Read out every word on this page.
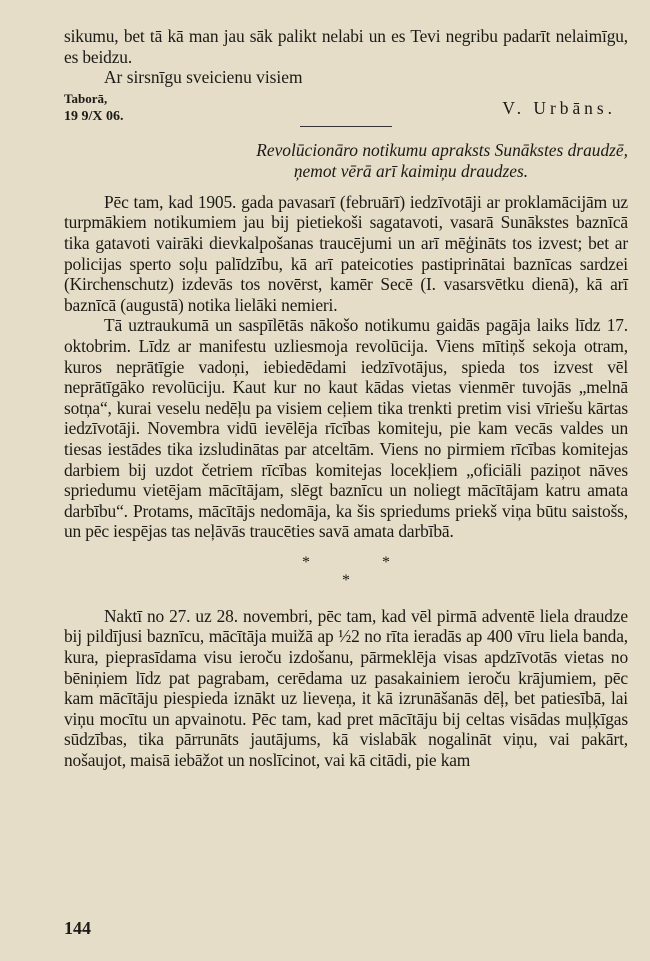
sikumu, bet tā kā man jau sāk palikt nelabi un es Tevi negribu padarīt nelaimīgu, es beidzu.

Ar sirsnīgu sveicienu visiem

Taborā,
19 9/X 06.	V. Urbāns.
Revolūcionāro notikumu apraksts Sunākstes draudzē,
ņemot vērā arī kaimiņu draudzes.

Pēc tam, kad 1905. gada pavasarī (februārī) iedzīvotāji ar proklamācijām uz turpmākiem notikumiem jau bij pietiekoši sagatavoti, vasarā Sunākstes baznīcā tika gatavoti vairāki dievkalpošanas traucējumi un arī mēģināts tos izvest; bet ar policijas sperto soļu palīdzību, kā arī pateicoties pastiprinātai baznīcas sardzei (Kirchenschutz) izdevās tos novērst, kamēr Secē (I. vasarsvētku dienā), kā arī baznīcā (augustā) notika lielāki nemieri.

Tā uztraukumā un saspīlētās nākošo notikumu gaidās pagāja laiks līdz 17. oktobrim. Līdz ar manifestu uzliesmoja revolūcija. Viens mītiņš sekoja otram, kuros neprātīgie vadoņi, iebiedēdami iedzīvotājus, spieda tos izvest vēl neprātīgāko revolūciju. Kaut kur no kaut kādas vietas vienmēr tuvojās „melnā sotņa“, kurai veselu nedēļu pa visiem ceļiem tika trenkti pretim visi vīriešu kārtas iedzīvotāji. Novembra vidū ievēlēja rīcības komiteju, pie kam vecās valdes un tiesas iestādes tika izsludinātas par atceltām. Viens no pirmiem rīcības komitejas darbiem bij uzdot četriem rīcības komitejas locekļiem „oficiāli paziņot nāves spriedumu vietējam mācītājam, slēgt baznīcu un noliegt mācītājam katru amata darbību“. Protams, mācītājs nedomāja, ka šis spriedums priekš viņa būtu saistošs, un pēc iespējas tas neļāvās traucēties savā amata darbībā.

*	*
*

Naktī no 27. uz 28. novembri, pēc tam, kad vēl pirmā adventē liela draudze bij pildījusi baznīcu, mācītāja muižā ap ½2 no rīta ieradās ap 400 vīru liela banda, kura, pieprasīdama visu ieroču izdošanu, pārmeklēja visas apdzīvotās vietas no bēniņiem līdz pat pagrabam, cerēdama uz pasakainiem ieroču krājumiem, pēc kam mācītāju piespieda iznākt uz lieveņa, it kā izrunāšanās dēļ, bet patiesībā, lai viņu mocītu un apvainotu. Pēc tam, kad pret mācītāju bij celtas visādas muļķīgas sūdzības, tika pārrunāts jautājums, kā vislabāk nogalināt viņu, vai pakārt, nošaujot, maisā iebāžot un noslīcinot, vai kā citādi, pie kam

144
